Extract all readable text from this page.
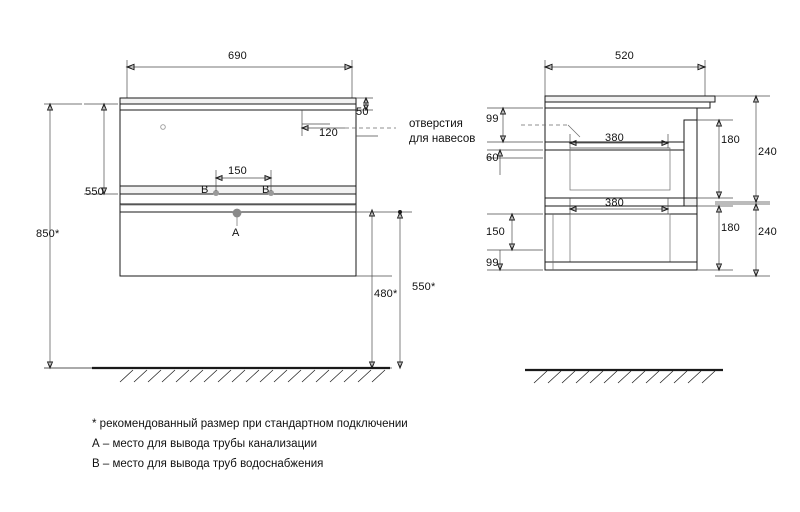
690
50
120
150
550
850*
480*
550*
A
B	B
отверстия
для навесов
520
99
60
380	180
240
150
380
180 240
99
* рекомендованный размер при стандартном подключении
А – место для вывода трубы канализации
В – место для вывода труб водоснабжения
